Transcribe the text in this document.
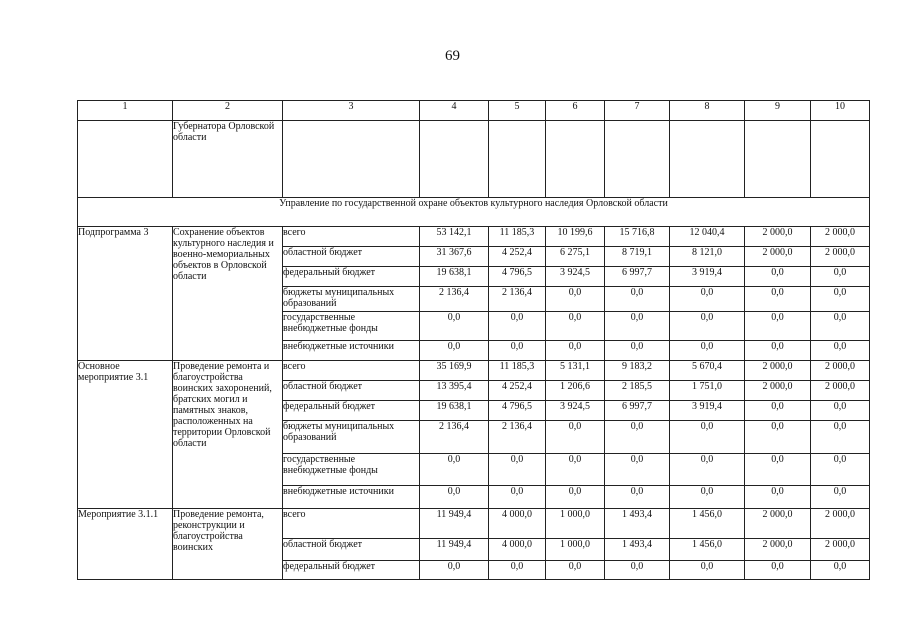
69
1	2	3	4	5	6	7	8	9	10
	Губернатора Орловской области								
Управление по государственной охране объектов культурного наследия Орловской области									
Подпрограмма 3	Сохранение объектов культурного наследия и военно-мемориальных объектов в Орловской области	всего	53 142,1	11 185,3	10 199,6	15 716,8	12 040,4	2 000,0	2 000,0
		областной бюджет	31 367,6	4 252,4	6 275,1	8 719,1	8 121,0	2 000,0	2 000,0
		федеральный бюджет	19 638,1	4 796,5	3 924,5	6 997,7	3 919,4	0,0	0,0
		бюджеты муниципальных образований	2 136,4	2 136,4	0,0	0,0	0,0	0,0	0,0
		государственные внебюджетные фонды	0,0	0,0	0,0	0,0	0,0	0,0	0,0
		внебюджетные источники	0,0	0,0	0,0	0,0	0,0	0,0	0,0
Основное мероприятие 3.1	Проведение ремонта и благоустройства воинских захоронений, братских могил и памятных знаков, расположенных на территории Орловской области	всего	35 169,9	11 185,3	5 131,1	9 183,2	5 670,4	2 000,0	2 000,0
		областной бюджет	13 395,4	4 252,4	1 206,6	2 185,5	1 751,0	2 000,0	2 000,0
		федеральный бюджет	19 638,1	4 796,5	3 924,5	6 997,7	3 919,4	0,0	0,0
		бюджеты муниципальных образований	2 136,4	2 136,4	0,0	0,0	0,0	0,0	0,0
		государственные внебюджетные фонды	0,0	0,0	0,0	0,0	0,0	0,0	0,0
		внебюджетные источники	0,0	0,0	0,0	0,0	0,0	0,0	0,0
Мероприятие 3.1.1	Проведение ремонта, реконструкции и благоустройства воинских	всего	11 949,4	4 000,0	1 000,0	1 493,4	1 456,0	2 000,0	2 000,0
		областной бюджет	11 949,4	4 000,0	1 000,0	1 493,4	1 456,0	2 000,0	2 000,0
		федеральный бюджет	0,0	0,0	0,0	0,0	0,0	0,0	0,0
